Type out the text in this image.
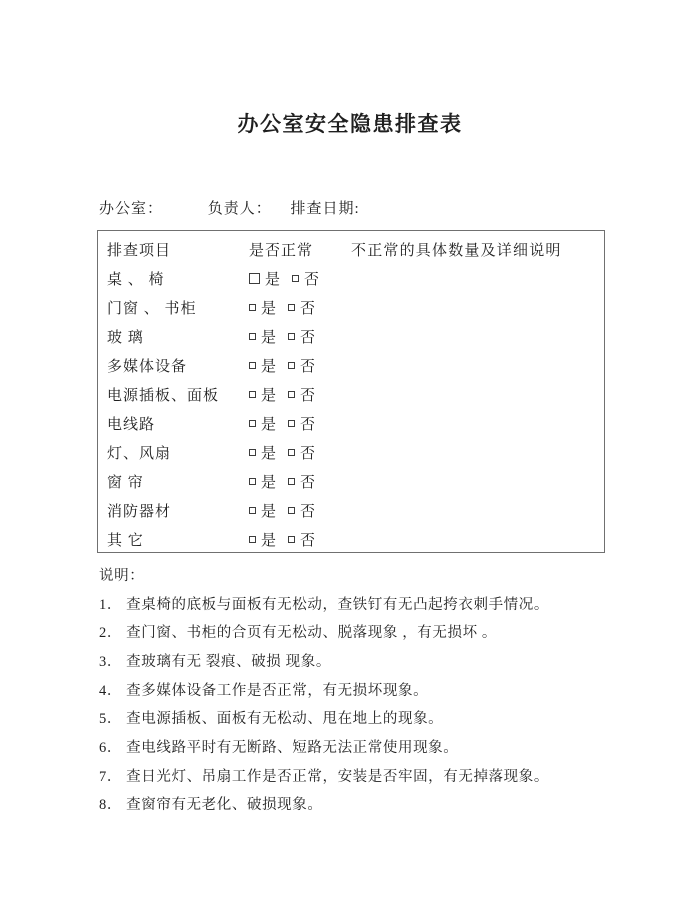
办公室安全隐患排查表
办公室：	负责人： 排查日期:
排查项目	是否正常	不正常的具体数量及详细说明
桌 、 椅	是 否
门窗 、 书柜	是 否
玻 璃	是 否
多媒体设备	是 否
电源插板、面板	是 否
电线路	是 否
灯、风扇	是 否
窗 帘	是 否
消防器材	是 否
其 它	是 否
说明：
1． 查桌椅的底板与面板有无松动，查铁钉有无凸起挎衣刺手情况。
2． 查门窗、书柜的合页有无松动、脱落现象 ，有无损坏 。
3． 查玻璃有无 裂痕、破损 现象。
4． 查多媒体设备工作是否正常，有无损坏现象。
5． 查电源插板、面板有无松动、甩在地上的现象。
6． 查电线路平时有无断路、短路无法正常使用现象。
7． 查日光灯、吊扇工作是否正常，安装是否牢固，有无掉落现象。
8． 查窗帘有无老化、破损现象。
